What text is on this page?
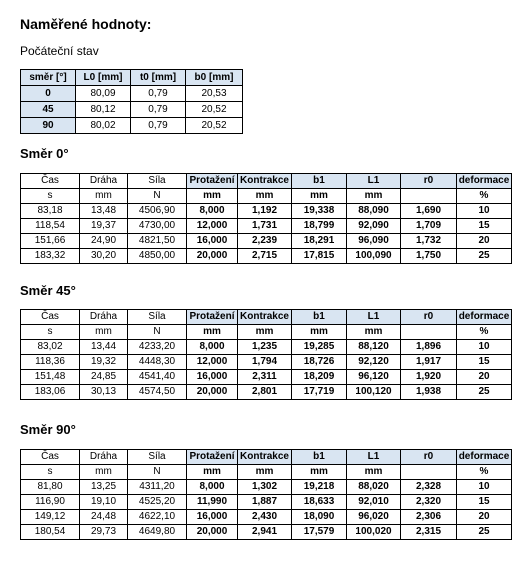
Naměřené hodnoty:
Počáteční stav
směr [°]	L0 [mm]	t0 [mm]	b0 [mm]
0	80,09	0,79	20,53
45	80,12	0,79	20,52
90	80,02	0,79	20,52
Směr 0°
Čas	Dráha	Síla	Protažení	Kontrakce	b1	L1	r0	deformace
s	mm	N	mm	mm	mm	mm		%
83,18	13,48	4506,90	8,000	1,192	19,338	88,090	1,690	10
118,54	19,37	4730,00	12,000	1,731	18,799	92,090	1,709	15
151,66	24,90	4821,50	16,000	2,239	18,291	96,090	1,732	20
183,32	30,20	4850,00	20,000	2,715	17,815	100,090	1,750	25
Směr 45°
Čas	Dráha	Síla	Protažení	Kontrakce	b1	L1	r0	deformace
s	mm	N	mm	mm	mm	mm		%
83,02	13,44	4233,20	8,000	1,235	19,285	88,120	1,896	10
118,36	19,32	4448,30	12,000	1,794	18,726	92,120	1,917	15
151,48	24,85	4541,40	16,000	2,311	18,209	96,120	1,920	20
183,06	30,13	4574,50	20,000	2,801	17,719	100,120	1,938	25
Směr 90°
Čas	Dráha	Síla	Protažení	Kontrakce	b1	L1	r0	deformace
s	mm	N	mm	mm	mm	mm		%
81,80	13,25	4311,20	8,000	1,302	19,218	88,020	2,328	10
116,90	19,10	4525,20	11,990	1,887	18,633	92,010	2,320	15
149,12	24,48	4622,10	16,000	2,430	18,090	96,020	2,306	20
180,54	29,73	4649,80	20,000	2,941	17,579	100,020	2,315	25
